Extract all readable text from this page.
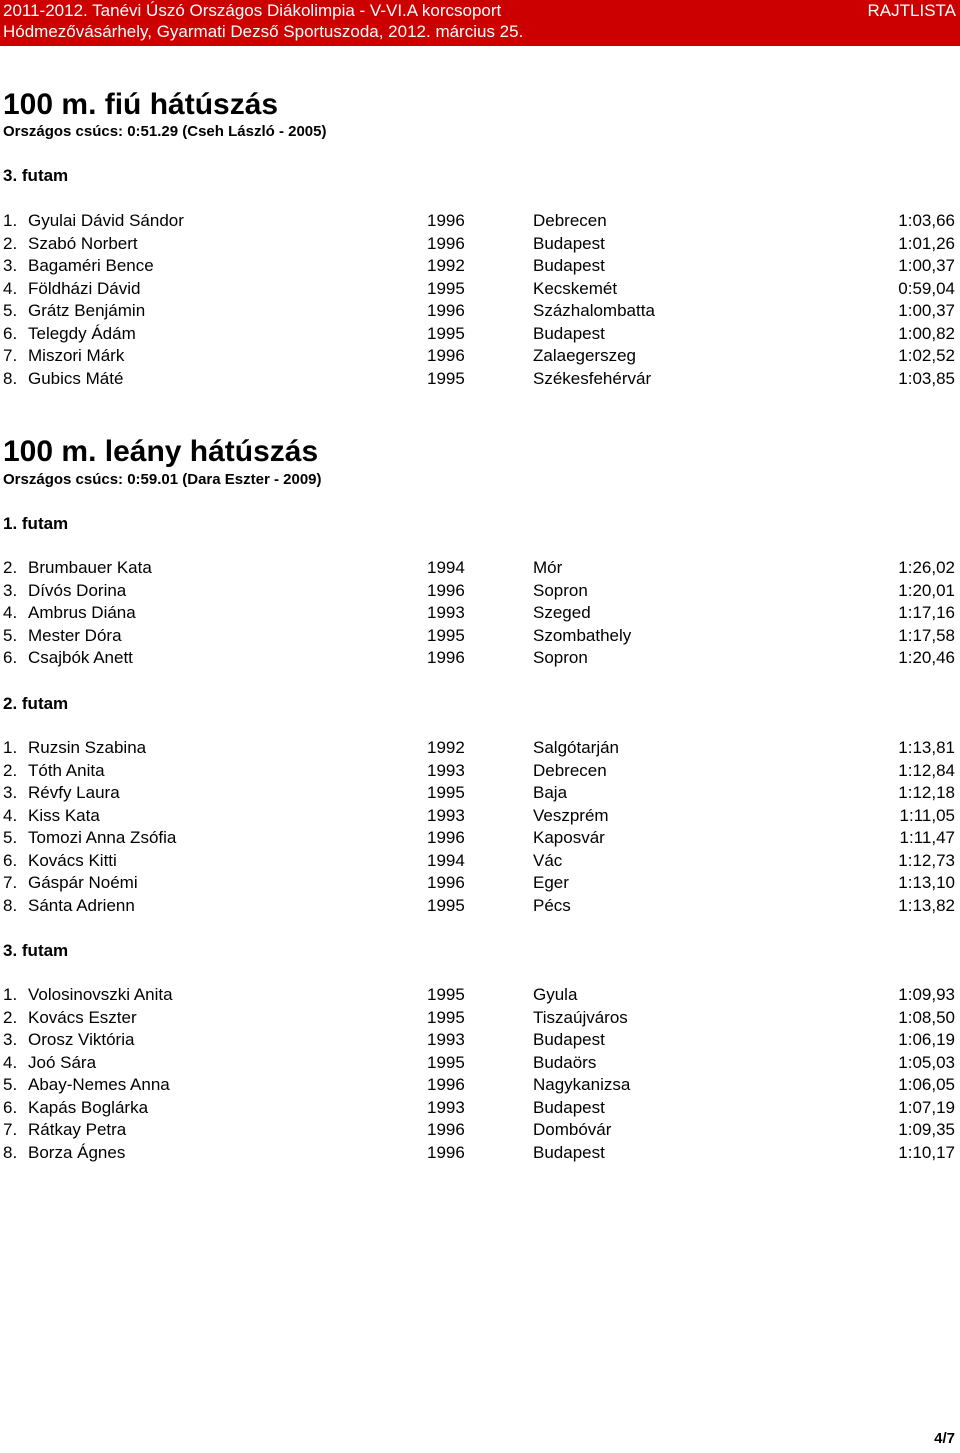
2011-2012. Tanévi Úszó Országos Diákolimpia - V-VI.A korcsoport
Hódmezővásárhely, Gyarmati Dezső Sportuszoda, 2012. március 25.
RAJTLISTA
100 m. fiú hátúszás
Országos csúcs: 0:51.29 (Cseh László - 2005)
3. futam
1. Gyulai Dávid Sándor	1996	Debrecen	1:03,66
2. Szabó Norbert	1996	Budapest	1:01,26
3. Bagaméri Bence	1992	Budapest	1:00,37
4. Földházi Dávid	1995	Kecskemét	0:59,04
5. Grátz Benjámin	1996	Százhalombatta	1:00,37
6. Telegdy Ádám	1995	Budapest	1:00,82
7. Miszori Márk	1996	Zalaegerszeg	1:02,52
8. Gubics Máté	1995	Székesfehérvár	1:03,85
100 m. leány hátúszás
Országos csúcs: 0:59.01 (Dara Eszter - 2009)
1. futam
2. Brumbauer Kata	1994	Mór	1:26,02
3. Dívós Dorina	1996	Sopron	1:20,01
4. Ambrus Diána	1993	Szeged	1:17,16
5. Mester Dóra	1995	Szombathely	1:17,58
6. Csajbók Anett	1996	Sopron	1:20,46
2. futam
1. Ruzsin Szabina	1992	Salgótarján	1:13,81
2. Tóth Anita	1993	Debrecen	1:12,84
3. Révfy Laura	1995	Baja	1:12,18
4. Kiss Kata	1993	Veszprém	1:11,05
5. Tomozi Anna Zsófia	1996	Kaposvár	1:11,47
6. Kovács Kitti	1994	Vác	1:12,73
7. Gáspár Noémi	1996	Eger	1:13,10
8. Sánta Adrienn	1995	Pécs	1:13,82
3. futam
1. Volosinovszki Anita	1995	Gyula	1:09,93
2. Kovács Eszter	1995	Tiszaújváros	1:08,50
3. Orosz Viktória	1993	Budapest	1:06,19
4. Joó Sára	1995	Budaörs	1:05,03
5. Abay-Nemes Anna	1996	Nagykanizsa	1:06,05
6. Kapás Boglárka	1993	Budapest	1:07,19
7. Rátkay Petra	1996	Dombóvár	1:09,35
8. Borza Ágnes	1996	Budapest	1:10,17
4/7
